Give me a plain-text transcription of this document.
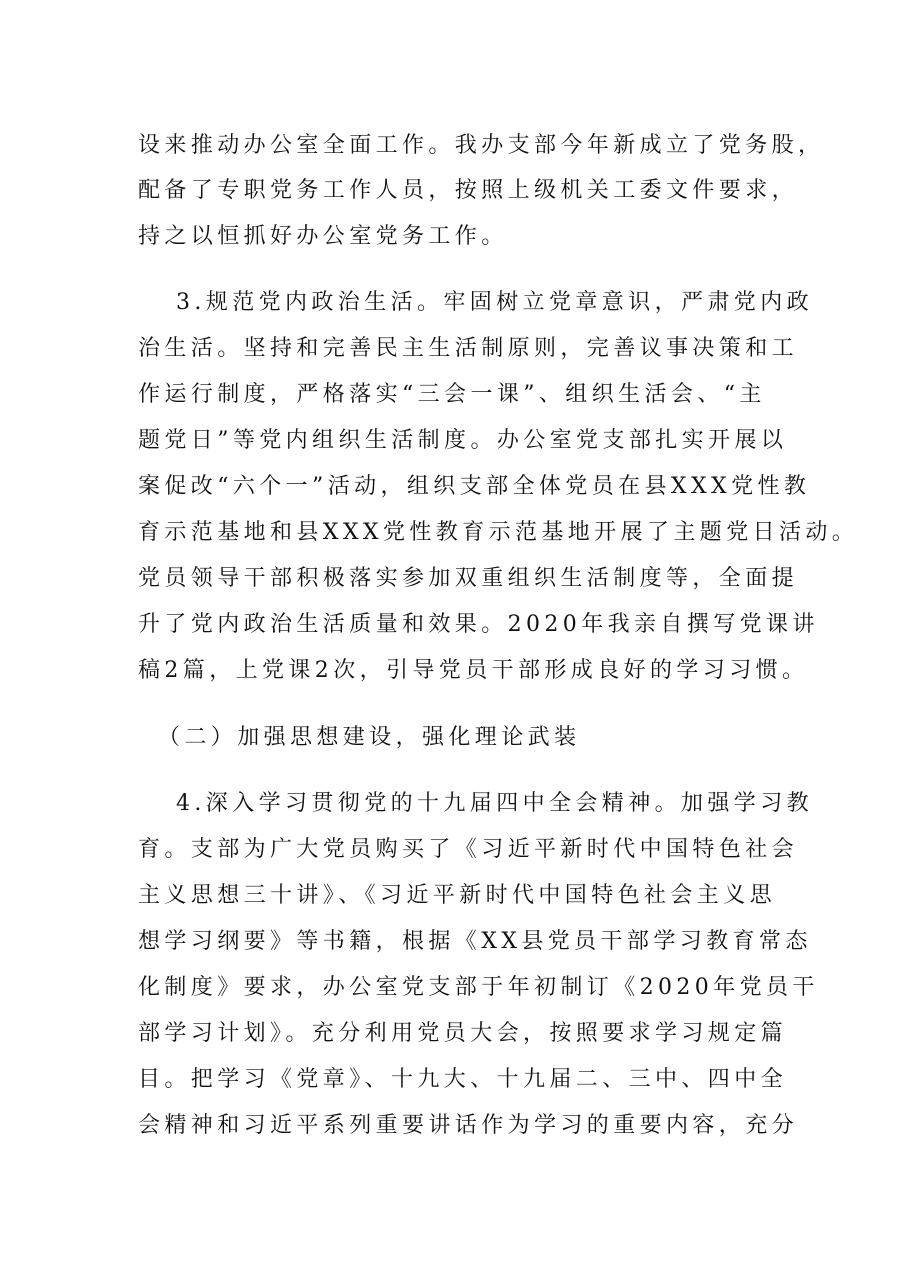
设来推动办公室全面工作。我办支部今年新成立了党务股，
配备了专职党务工作人员，按照上级机关工委文件要求，
持之以恒抓好办公室党务工作。
3.规范党内政治生活。牢固树立党章意识，严肃党内政
治生活。坚持和完善民主生活制原则，完善议事决策和工
作运行制度，严格落实“三会一课”、组织生活会、“主
题党日”等党内组织生活制度。办公室党支部扎实开展以
案促改“六个一”活动，组织支部全体党员在县XXX党性教
育示范基地和县XXX党性教育示范基地开展了主题党日活动。
党员领导干部积极落实参加双重组织生活制度等，全面提
升了党内政治生活质量和效果。2020年我亲自撰写党课讲
稿2篇，上党课2次，引导党员干部形成良好的学习习惯。
（二）加强思想建设，强化理论武装
4.深入学习贯彻党的十九届四中全会精神。加强学习教
育。支部为广大党员购买了《习近平新时代中国特色社会
主义思想三十讲》、《习近平新时代中国特色社会主义思
想学习纲要》等书籍，根据《XX县党员干部学习教育常态
化制度》要求，办公室党支部于年初制订《2020年党员干
部学习计划》。充分利用党员大会，按照要求学习规定篇
目。把学习《党章》、十九大、十九届二、三中、四中全
会精神和习近平系列重要讲话作为学习的重要内容，充分
